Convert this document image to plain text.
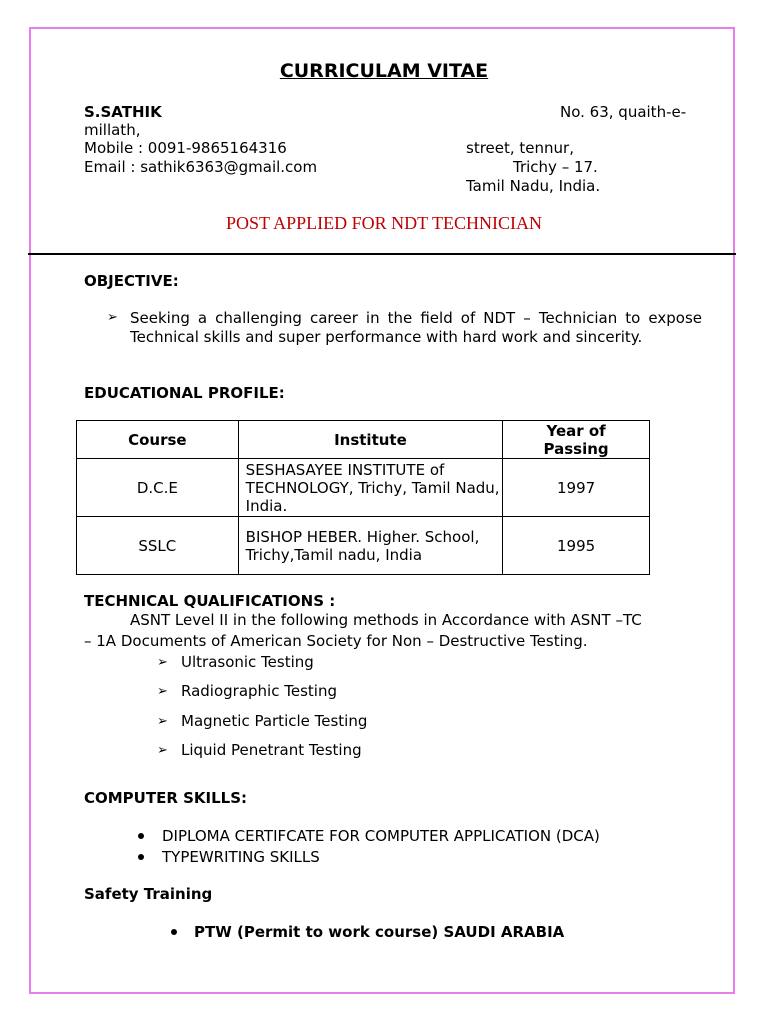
CURRICULAM VITAE
S.SATHIK	No. 63, quaith-e-
millath,
Mobile : 0091-9865164316
Email : sathik6363@gmail.com
street, tennur,
Trichy – 17.
Tamil Nadu, India.
POST APPLIED FOR NDT TECHNICIAN
OBJECTIVE:
➢ Seeking a challenging career in the field of NDT – Technician to expose Technical skills and super performance with hard work and sincerity.
EDUCATIONAL PROFILE:
Course	Institute	Year of Passing
D.C.E	SESHASAYEE INSTITUTE of TECHNOLOGY, Trichy, Tamil Nadu, India.	1997
SSLC	BISHOP HEBER. Higher. School, Trichy,Tamil nadu, India	1995
TECHNICAL QUALIFICATIONS :
ASNT Level II in the following methods in Accordance with ASNT –TC
– 1A Documents of American Society for Non – Destructive Testing.
➢ Ultrasonic Testing
➢ Radiographic Testing
➢ Magnetic Particle Testing
➢ Liquid Penetrant Testing
COMPUTER SKILLS:
DIPLOMA CERTIFCATE FOR COMPUTER APPLICATION (DCA)
TYPEWRITING SKILLS
Safety Training
PTW (Permit to work course) SAUDI ARABIA
